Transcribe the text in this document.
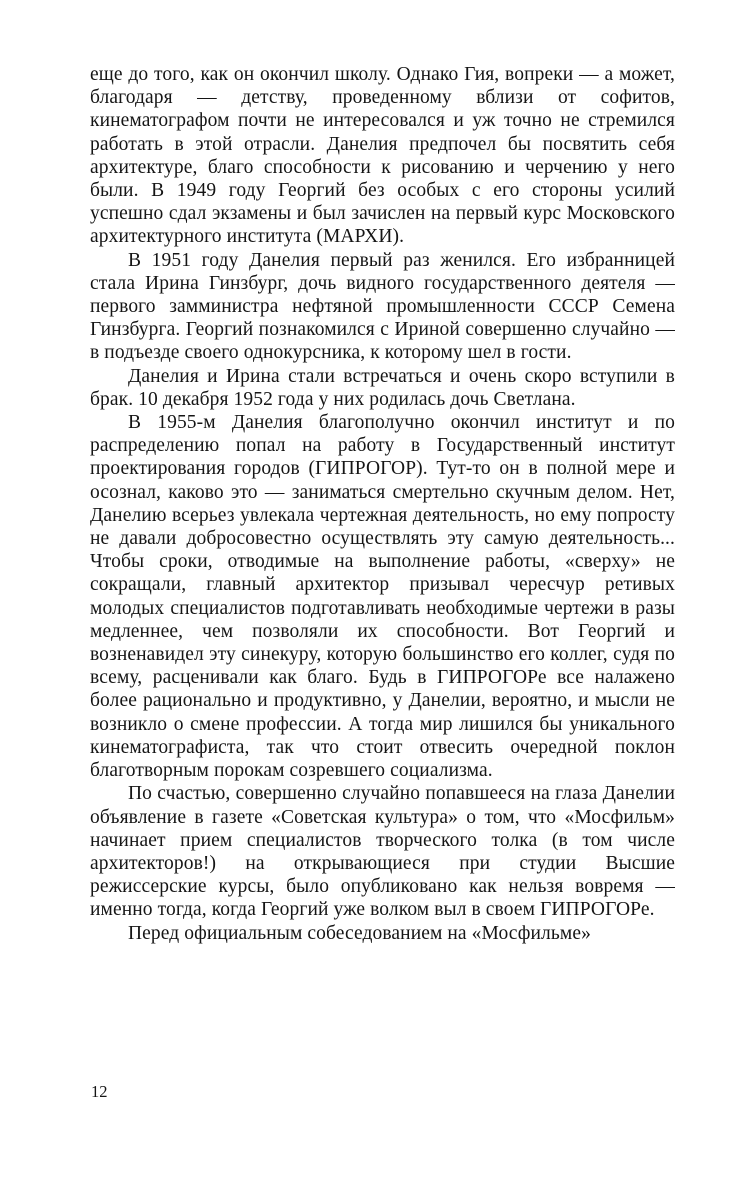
еще до того, как он окончил школу. Однако Гия, вопреки — а может, благодаря — детству, проведенному вблизи от софитов, кинематографом почти не интересовался и уж точно не стремился работать в этой отрасли. Данелия предпочел бы посвятить себя архитектуре, благо способности к рисованию и черчению у него были. В 1949 году Георгий без особых с его стороны усилий успешно сдал экзамены и был зачислен на первый курс Московского архитектурного института (МАРХИ).

В 1951 году Данелия первый раз женился. Его избранницей стала Ирина Гинзбург, дочь видного государственного деятеля — первого замминистра нефтяной промышленности СССР Семена Гинзбурга. Георгий познакомился с Ириной совершенно случайно — в подъезде своего однокурсника, к которому шел в гости.

Данелия и Ирина стали встречаться и очень скоро вступили в брак. 10 декабря 1952 года у них родилась дочь Светлана.

В 1955-м Данелия благополучно окончил институт и по распределению попал на работу в Государственный институт проектирования городов (ГИПРОГОР). Тут-то он в полной мере и осознал, каково это — заниматься смертельно скучным делом. Нет, Данелию всерьез увлекала чертежная деятельность, но ему попросту не давали добросовестно осуществлять эту самую деятельность... Чтобы сроки, отводимые на выполнение работы, «сверху» не сокращали, главный архитектор призывал чересчур ретивых молодых специалистов подготавливать необходимые чертежи в разы медленнее, чем позволяли их способности. Вот Георгий и возненавидел эту синекуру, которую большинство его коллег, судя по всему, расценивали как благо. Будь в ГИПРОГОРе все налажено более рационально и продуктивно, у Данелии, вероятно, и мысли не возникло о смене профессии. А тогда мир лишился бы уникального кинематографиста, так что стоит отвесить очередной поклон благотворным порокам созревшего социализма.

По счастью, совершенно случайно попавшееся на глаза Данелии объявление в газете «Советская культура» о том, что «Мосфильм» начинает прием специалистов творческого толка (в том числе архитекторов!) на открывающиеся при студии Высшие режиссерские курсы, было опубликовано как нельзя вовремя — именно тогда, когда Георгий уже волком выл в своем ГИПРОГОРе.

Перед официальным собеседованием на «Мосфильме»

12
